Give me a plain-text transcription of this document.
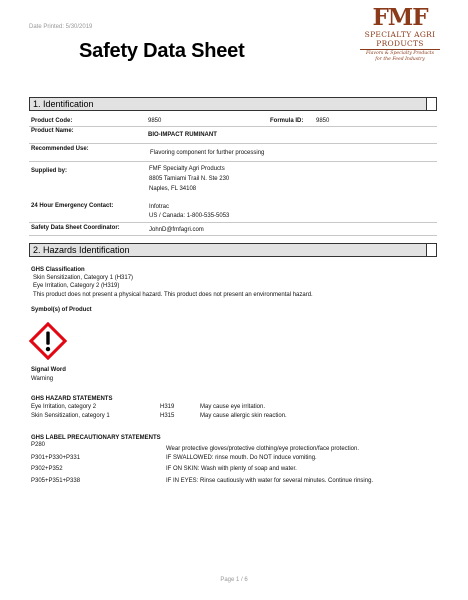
Date Printed: 5/30/2019
Safety Data Sheet
FMF
SPECIALTY AGRI
PRODUCTS
Flavors & Specialty Products
for the Feed Industry
1. Identification
Product Code:	9850	Formula ID: 9850
Product Name:
BIO-IMPACT RUMINANT
Recommended Use:
Flavoring component for further processing
Supplied by:	FMF Specialty Agri Products
8805 Tamiami Trail N. Ste 230
Naples, FL 34108
24 Hour Emergency Contact:	Infotrac
US / Canada: 1-800-535-5053
Safety Data Sheet Coordinator:	JohnD@fmfagri.com
2. Hazards Identification
GHS Classification
Skin Sensitization, Category 1 (H317)
Eye Irritation, Category 2 (H319)
This product does not present a physical hazard. This product does not present an environmental hazard.
Symbol(s) of Product
Signal Word
Warning
GHS HAZARD STATEMENTS
Eye Irritation, category 2	H319	May cause eye irritation.
Skin Sensitization, category 1	H315	May cause allergic skin reaction.
GHS LABEL PRECAUTIONARY STATEMENTS
P280
Wear protective gloves/protective clothing/eye protection/face protection.
P301+P330+P331	IF SWALLOWED: rinse mouth. Do NOT induce vomiting.
P302+P352	IF ON SKIN: Wash with plenty of soap and water.
P305+P351+P338	IF IN EYES: Rinse cautiously with water for several minutes. Continue rinsing.
Page 1 / 6
